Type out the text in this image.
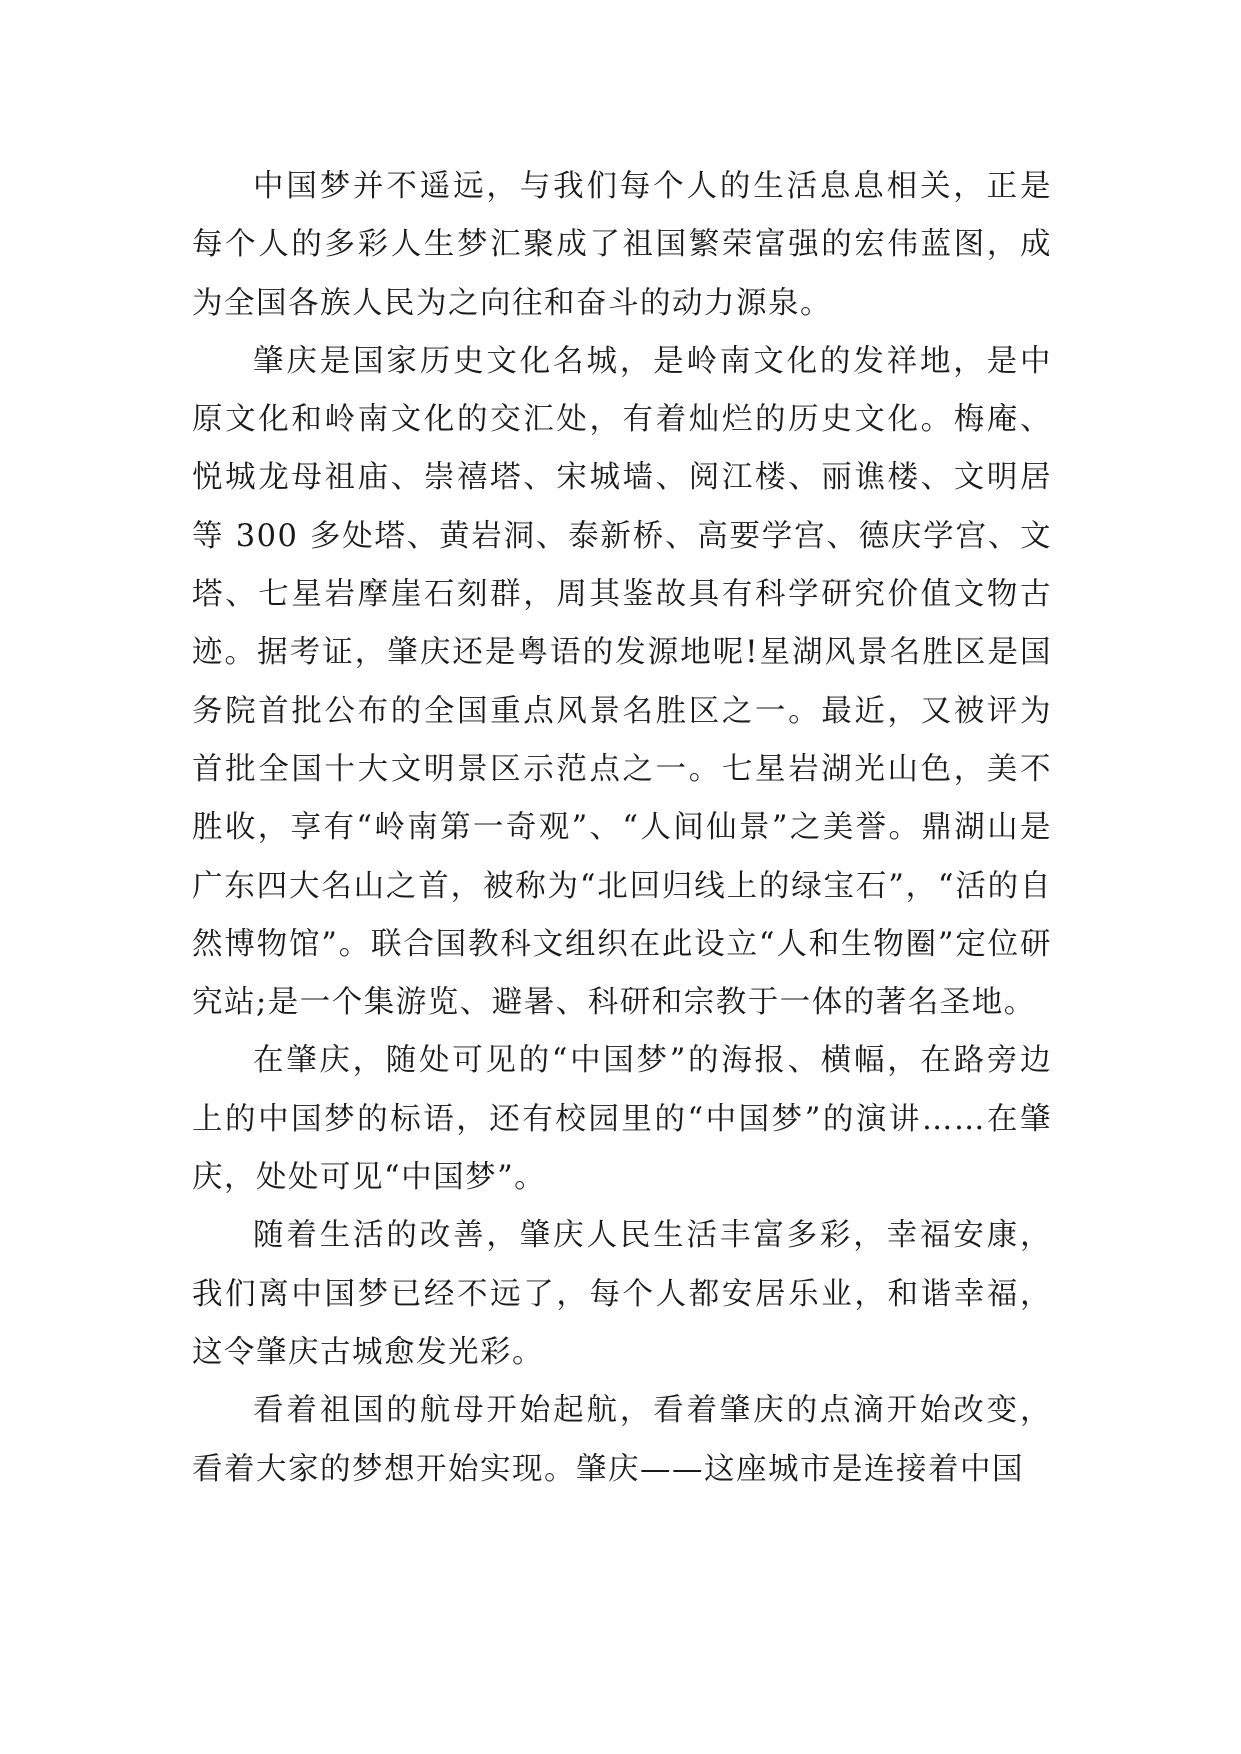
中国梦并不遥远，与我们每个人的生活息息相关，正是每个人的多彩人生梦汇聚成了祖国繁荣富强的宏伟蓝图，成为全国各族人民为之向往和奋斗的动力源泉。

肇庆是国家历史文化名城，是岭南文化的发祥地，是中原文化和岭南文化的交汇处，有着灿烂的历史文化。梅庵、悦城龙母祖庙、崇禧塔、宋城墙、阅江楼、丽谯楼、文明居等 300 多处塔、黄岩洞、泰新桥、高要学宫、德庆学宫、文塔、七星岩摩崖石刻群，周其鉴故具有科学研究价值文物古迹。据考证，肇庆还是粤语的发源地呢!星湖风景名胜区是国务院首批公布的全国重点风景名胜区之一。最近，又被评为首批全国十大文明景区示范点之一。七星岩湖光山色，美不胜收，享有“岭南第一奇观”、“人间仙景”之美誉。鼎湖山是广东四大名山之首，被称为“北回归线上的绿宝石”，“活的自然博物馆”。联合国教科文组织在此设立“人和生物圈”定位研究站;是一个集游览、避暑、科研和宗教于一体的著名圣地。

在肇庆，随处可见的“中国梦”的海报、横幅，在路旁边上的中国梦的标语，还有校园里的“中国梦”的演讲……在肇庆，处处可见“中国梦”。

随着生活的改善，肇庆人民生活丰富多彩，幸福安康，我们离中国梦已经不远了，每个人都安居乐业，和谐幸福，这令肇庆古城愈发光彩。

看着祖国的航母开始起航，看着肇庆的点滴开始改变，看着大家的梦想开始实现。肇庆——这座城市是连接着中国
